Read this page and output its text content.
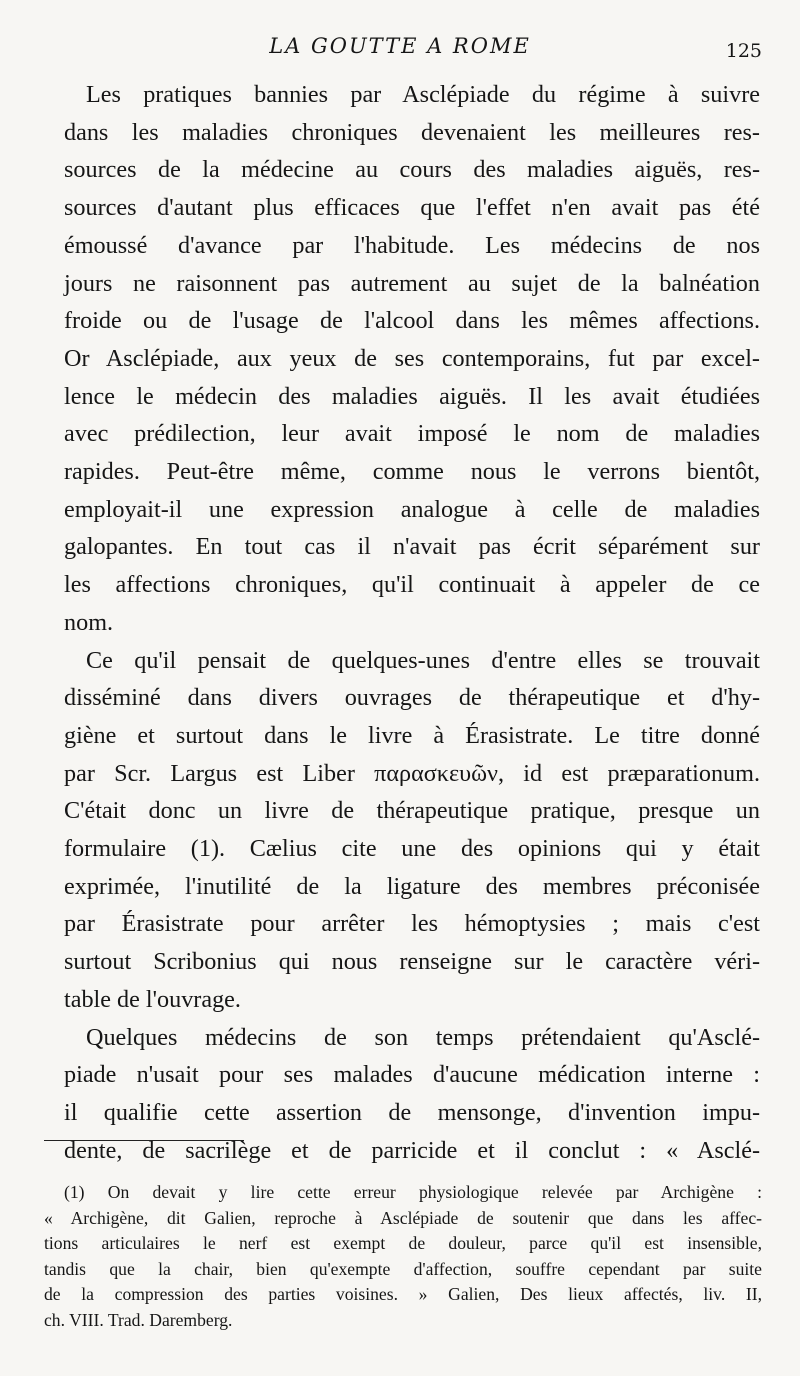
LA GOUTTE A ROME	125
Les pratiques bannies par Asclépiade du régime à suivre
dans les maladies chroniques devenaient les meilleures res-
sources de la médecine au cours des maladies aiguës, res-
sources d'autant plus efficaces que l'effet n'en avait pas été
émoussé d'avance par l'habitude. Les médecins de nos
jours ne raisonnent pas autrement au sujet de la balnéation
froide ou de l'usage de l'alcool dans les mêmes affections.
Or Asclépiade, aux yeux de ses contemporains, fut par excel-
lence le médecin des maladies aiguës. Il les avait étudiées
avec prédilection, leur avait imposé le nom de maladies
rapides. Peut-être même, comme nous le verrons bientôt,
employait-il une expression analogue à celle de maladies
galopantes. En tout cas il n'avait pas écrit séparément sur
les affections chroniques, qu'il continuait à appeler de ce
nom.
Ce qu'il pensait de quelques-unes d'entre elles se trouvait
disséminé dans divers ouvrages de thérapeutique et d'hy-
giène et surtout dans le livre à Érasistrate. Le titre donné
par Scr. Largus est Liber παρασκευῶν, id est præparationum.
C'était donc un livre de thérapeutique pratique, presque un
formulaire (1). Cælius cite une des opinions qui y était
exprimée, l'inutilité de la ligature des membres préconisée
par Érasistrate pour arrêter les hémoptysies ; mais c'est
surtout Scribonius qui nous renseigne sur le caractère véri-
table de l'ouvrage.
Quelques médecins de son temps prétendaient qu'Asclé-
piade n'usait pour ses malades d'aucune médication interne :
il qualifie cette assertion de mensonge, d'invention impu-
dente, de sacrilège et de parricide et il conclut : « Asclé-
(1) On devait y lire cette erreur physiologique relevée par Archigène :
« Archigène, dit Galien, reproche à Asclépiade de soutenir que dans les affec-
tions articulaires le nerf est exempt de douleur, parce qu'il est insensible,
tandis que la chair, bien qu'exempte d'affection, souffre cependant par suite
de la compression des parties voisines. » Galien, Des lieux affectés, liv. II,
ch. VIII. Trad. Daremberg.
